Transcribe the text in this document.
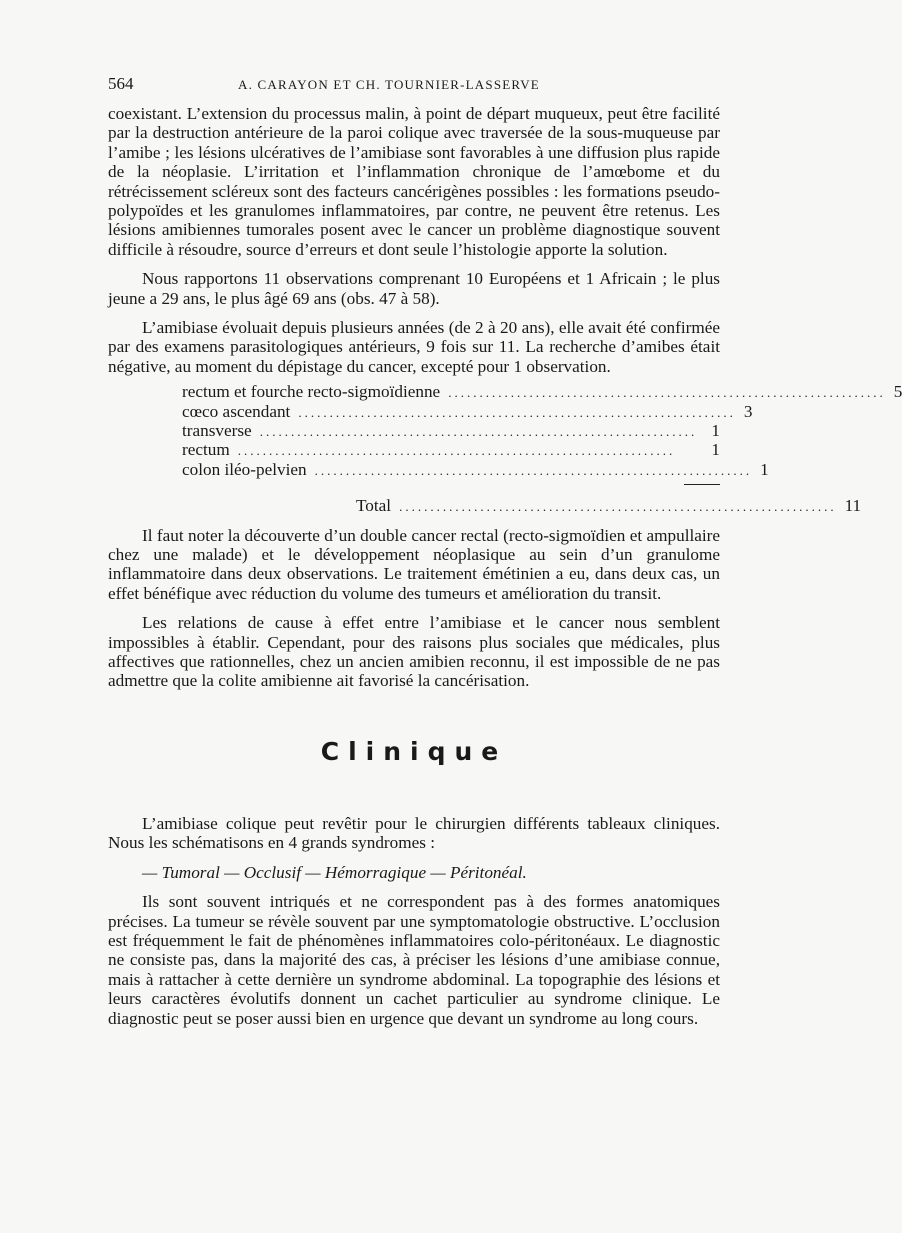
564	A. CARAYON ET CH. TOURNIER-LASSERVE

coexistant. L’extension du processus malin, à point de départ muqueux, peut être facilité par la destruction antérieure de la paroi colique avec traversée de la sous-muqueuse par l’amibe ; les lésions ulcératives de l’amibiase sont favorables à une diffusion plus rapide de la néoplasie. L’irritation et l’inflammation chronique de l’amœbome et du rétrécissement scléreux sont des facteurs cancérigènes possibles : les formations pseudo-polypoïdes et les granulomes inflammatoires, par contre, ne peuvent être retenus. Les lésions amibiennes tumorales posent avec le cancer un problème diagnostique souvent difficile à résoudre, source d’erreurs et dont seule l’histologie apporte la solution.

Nous rapportons 11 observations comprenant 10 Européens et 1 Africain ; le plus jeune a 29 ans, le plus âgé 69 ans (obs. 47 à 58).

L’amibiase évoluait depuis plusieurs années (de 2 à 20 ans), elle avait été confirmée par des examens parasitologiques antérieurs, 9 fois sur 11. La recherche d’amibes était négative, au moment du dépistage du cancer, excepté pour 1 observation.

rectum et fourche recto-sigmoïdienne ...................................................................... 5
cœco ascendant ...................................................................... 3
transverse ...................................................................... 1
rectum ......................................................................	1
colon iléo-pelvien ...................................................................... 1
Total ...................................................................... 11

Il faut noter la découverte d’un double cancer rectal (recto-sigmoïdien et ampullaire chez une malade) et le développement néoplasique au sein d’un granulome inflammatoire dans deux observations. Le traitement émétinien a eu, dans deux cas, un effet bénéfique avec réduction du volume des tumeurs et amélioration du transit.

Les relations de cause à effet entre l’amibiase et le cancer nous semblent impossibles à établir. Cependant, pour des raisons plus sociales que médicales, plus affectives que rationnelles, chez un ancien amibien reconnu, il est impossible de ne pas admettre que la colite amibienne ait favorisé la cancérisation.

Clinique

L’amibiase colique peut revêtir pour le chirurgien différents tableaux cliniques. Nous les schématisons en 4 grands syndromes :

— Tumoral — Occlusif — Hémorragique — Péritonéal.

Ils sont souvent intriqués et ne correspondent pas à des formes anatomiques précises. La tumeur se révèle souvent par une symptomatologie obstructive. L’occlusion est fréquemment le fait de phénomènes inflammatoires colo-péritonéaux. Le diagnostic ne consiste pas, dans la majorité des cas, à préciser les lésions d’une amibiase connue, mais à rattacher à cette dernière un syndrome abdominal. La topographie des lésions et leurs caractères évolutifs donnent un cachet particulier au syndrome clinique. Le diagnostic peut se poser aussi bien en urgence que devant un syndrome au long cours.
